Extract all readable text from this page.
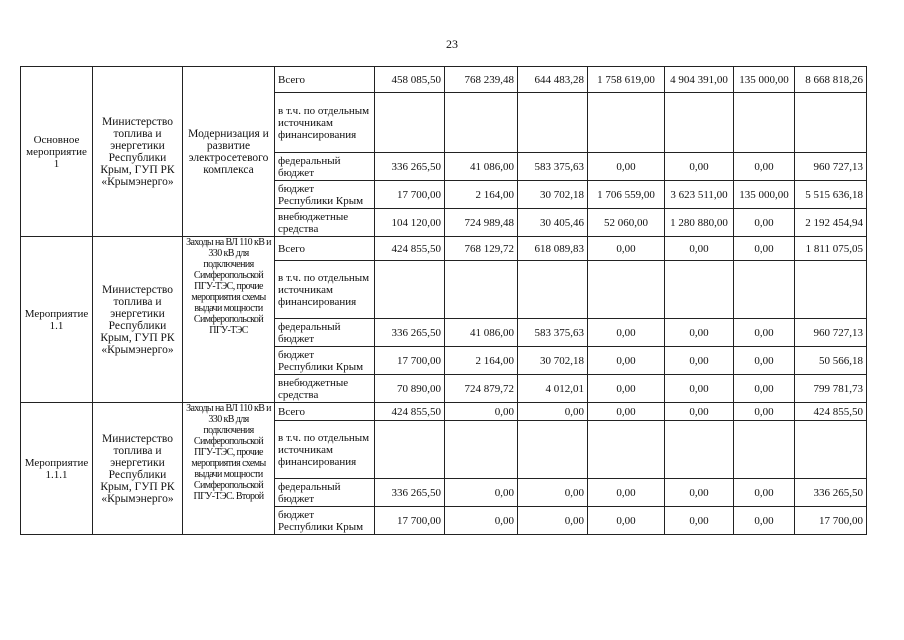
23
Основное мероприятие 1	Министерство топлива и энергетики Республики Крым, ГУП РК «Крымэнерго»	Модернизация и развитие электросетевого комплекса	Всего	458 085,50	768 239,48	644 483,28	1 758 619,00	4 904 391,00	135 000,00	8 668 818,26
			в т.ч. по отдельным источникам финансирования							
			федеральный бюджет	336 265,50	41 086,00	583 375,63	0,00	0,00	0,00	960 727,13
			бюджет Республики Крым	17 700,00	2 164,00	30 702,18	1 706 559,00	3 623 511,00	135 000,00	5 515 636,18
			внебюджетные средства	104 120,00	724 989,48	30 405,46	52 060,00	1 280 880,00	0,00	2 192 454,94
Мероприятие 1.1	Министерство топлива и энергетики Республики Крым, ГУП РК «Крымэнерго»	Заходы на ВЛ 110 кВ и 330 кВ для подключения Симферопольской ПГУ-ТЭС, прочие мероприятия схемы выдачи мощности Симферопольской ПГУ-ТЭС	Всего	424 855,50	768 129,72	618 089,83	0,00	0,00	0,00	1 811 075,05
			в т.ч. по отдельным источникам финансирования							
			федеральный бюджет	336 265,50	41 086,00	583 375,63	0,00	0,00	0,00	960 727,13
			бюджет Республики Крым	17 700,00	2 164,00	30 702,18	0,00	0,00	0,00	50 566,18
			внебюджетные средства	70 890,00	724 879,72	4 012,01	0,00	0,00	0,00	799 781,73
Мероприятие 1.1.1	Министерство топлива и энергетики Республики Крым, ГУП РК «Крымэнерго»	Заходы на ВЛ 110 кВ и 330 кВ для подключения Симферопольской ПГУ-ТЭС, прочие мероприятия схемы выдачи мощности Симферопольской ПГУ-ТЭС. Второй	Всего	424 855,50	0,00	0,00	0,00	0,00	0,00	424 855,50
			в т.ч. по отдельным источникам финансирования							
			федеральный бюджет	336 265,50	0,00	0,00	0,00	0,00	0,00	336 265,50
			бюджет Республики Крым	17 700,00	0,00	0,00	0,00	0,00	0,00	17 700,00
